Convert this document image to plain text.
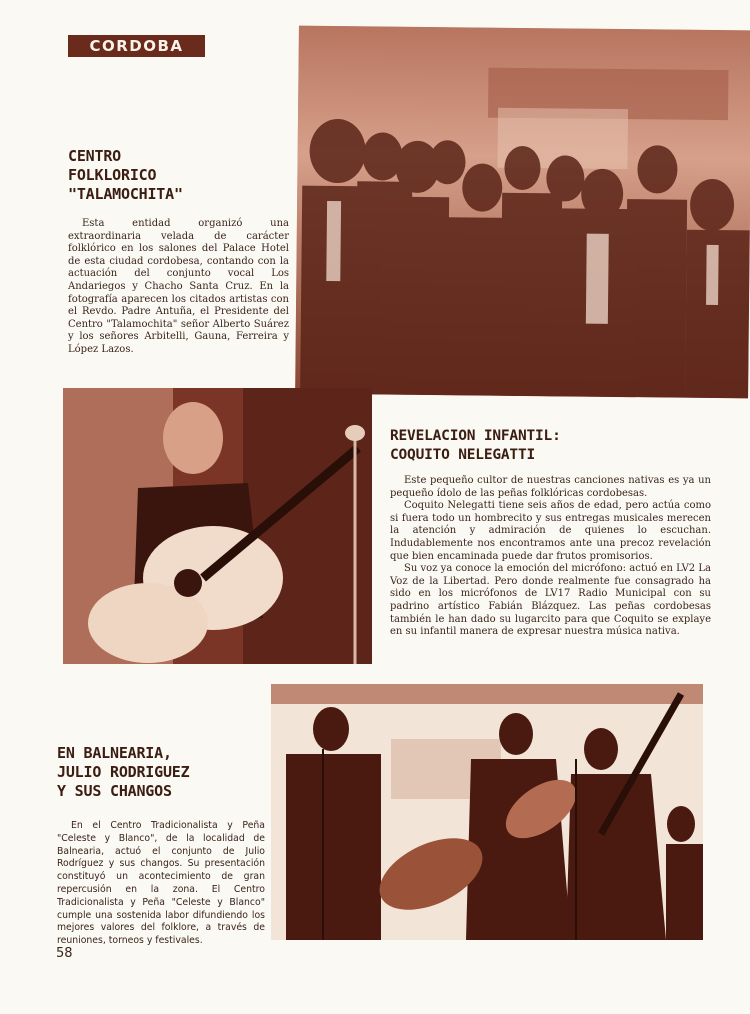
CORDOBA
CENTRO
FOLKLORICO
"TALAMOCHITA"

Esta entidad organizó una extraordinaria velada de carácter folklórico en los salones del Palace Hotel de esta ciudad cordobesa, contando con la actuación del conjunto vocal Los Andariegos y Chacho Santa Cruz. En la fotografía aparecen los citados artistas con el Revdo. Padre Antuña, el Presidente del Centro "Talamochita" señor Alberto Suárez y los señores Arbitelli, Gauna, Ferreira y López Lazos.

REVELACION INFANTIL:
COQUITO NELEGATTI

Este pequeño cultor de nuestras canciones nativas es ya un pequeño ídolo de las peñas folklóricas cordobesas.

Coquito Nelegatti tiene seis años de edad, pero actúa como si fuera todo un hombrecito y sus entregas musicales merecen la atención y admiración de quienes lo escuchan. Indudablemente nos encontramos ante una precoz revelación que bien encaminada puede dar frutos promisorios.

Su voz ya conoce la emoción del micrófono: actuó en LV2 La Voz de la Libertad. Pero donde realmente fue consagrado ha sido en los micrófonos de LV17 Radio Municipal con su padrino artístico Fabián Blázquez. Las peñas cordobesas también le han dado su lugarcito para que Coquito se explaye en su infantil manera de expresar nuestra música nativa.

EN BALNEARIA,
JULIO RODRIGUEZ
Y SUS CHANGOS

En el Centro Tradicionalista y Peña "Celeste y Blanco", de la localidad de Balnearia, actuó el conjunto de Julio Rodríguez y sus changos. Su presentación constituyó un acontecimiento de gran repercusión en la zona. El Centro Tradicionalista y Peña "Celeste y Blanco" cumple una sostenida labor difundiendo los mejores valores del folklore, a través de reuniones, torneos y festivales.

58
